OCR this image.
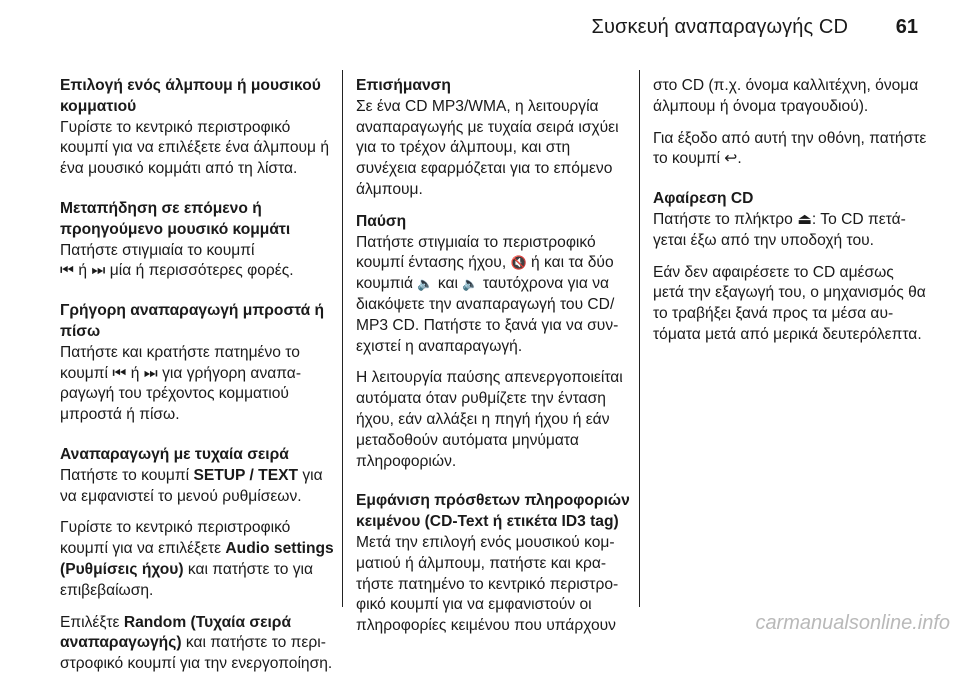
Συσκευή αναπαραγωγής CD 61
Επιλογή ενός άλμπουμ ή μουσικού κομματιού

Γυρίστε το κεντρικό περιστροφικό κουμπί για να επιλέξετε ένα άλμπουμ ή ένα μουσικό κομμάτι από τη λίστα.

Μεταπήδηση σε επόμενο ή προηγούμενο μουσικό κομμάτι

Πατήστε στιγμιαία το κουμπί
⏮ ή ⏭ μία ή περισσότερες φορές.

Γρήγορη αναπαραγωγή μπροστά ή πίσω

Πατήστε και κρατήστε πατημένο το κουμπί ⏮ ή ⏭ για γρήγορη αναπαραγωγή του τρέχοντος κομματιού μπροστά ή πίσω.

Αναπαραγωγή με τυχαία σειρά

Πατήστε το κουμπί SETUP / TEXT για να εμφανιστεί το μενού ρυθμίσεων.

Γυρίστε το κεντρικό περιστροφικό κουμπί για να επιλέξετε Audio settings (Ρυθμίσεις ήχου) και πατήστε το για επιβεβαίωση.

Επιλέξτε Random (Τυχαία σειρά αναπαραγωγής) και πατήστε το περιστροφικό κουμπί για την ενεργοποίηση.

Επισήμανση

Σε ένα CD MP3/WMA, η λειτουργία αναπαραγωγής με τυχαία σειρά ισχύει για το τρέχον άλμπουμ, και στη συνέχεια εφαρμόζεται για το επόμενο άλμπουμ.

Παύση

Πατήστε στιγμιαία το περιστροφικό κουμπί έντασης ήχου, 🔇 ή και τα δύο κουμπιά 🔈 και 🔈 ταυτόχρονα για να διακόψετε την αναπαραγωγή του CD/ MP3 CD. Πατήστε το ξανά για να συνεχιστεί η αναπαραγωγή.

Η λειτουργία παύσης απενεργοποιείται αυτόματα όταν ρυθμίζετε την ένταση ήχου, εάν αλλάξει η πηγή ήχου ή εάν μεταδοθούν αυτόματα μηνύματα πληροφοριών.

Εμφάνιση πρόσθετων πληροφοριών κειμένου (CD-Text ή ετικέτα ID3 tag)

Μετά την επιλογή ενός μουσικού κομματιού ή άλμπουμ, πατήστε και κρατήστε πατημένο το κεντρικό περιστροφικό κουμπί για να εμφανιστούν οι πληροφορίες κειμένου που υπάρχουν

στο CD (π.χ. όνομα καλλιτέχνη, όνομα άλμπουμ ή όνομα τραγουδιού).

Για έξοδο από αυτή την οθόνη, πατήστε το κουμπί ↩.

Αφαίρεση CD

Πατήστε το πλήκτρο ⏏: Το CD πετάγεται έξω από την υποδοχή του.

Εάν δεν αφαιρέσετε το CD αμέσως μετά την εξαγωγή του, ο μηχανισμός θα το τραβήξει ξανά προς τα μέσα αυτόματα μετά από μερικά δευτερόλεπτα.

carmanualsonline.info
